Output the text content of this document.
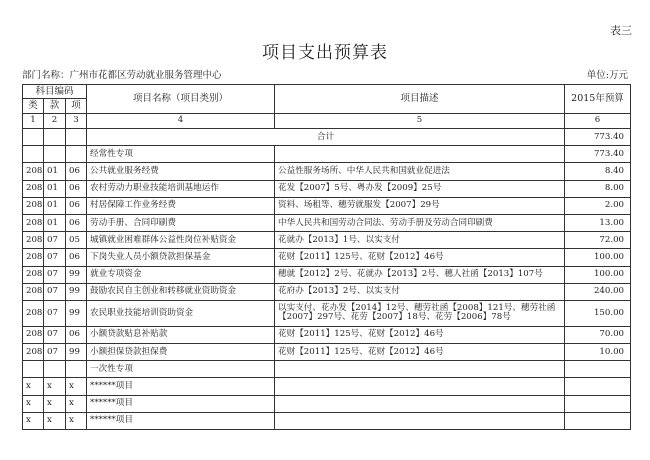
表三
项目支出预算表
部门名称：广州市花都区劳动就业服务管理中心	单位:万元
科目编码			项目名称（项目类别）	项目描述	2015年预算
类	款	项			
1	2	3	4	5	6
			合计		773.40
			经常性专项		773.40
208	01	06	公共就业服务经费	公益性服务场所、中华人民共和国就业促进法	8.40
208	01	06	农村劳动力职业技能培训基地运作	花发【2007】5号、粤办发【2009】25号	8.00
208	01	06	村居保障工作业务经费	资料、场租等、穗劳就服发【2007】29号	2.00
208	01	06	劳动手册、合同印刷费	中华人民共和国劳动合同法、劳动手册及劳动合同印刷费	13.00
208	07	05	城镇就业困难群体公益性岗位补贴资金	花就办【2013】1号、以实支付	72.00
208	07	06	下岗失业人员小额贷款担保基金	花财【2011】125号、花财【2012】46号	100.00
208	07	99	就业专项资金	穗就【2012】2号、花就办【2013】2号、穗人社函【2013】107号	100.00
208	07	99	鼓励农民自主创业和转移就业资助资金	花府办【2013】2号、以实支付	240.00
208	07	99	农民职业技能培训资助资金	以实支付、花办发【2014】12号、穗劳社函【2008】121号、穗劳社函【2007】297号、花劳【2007】18号、花劳【2006】78号	150.00
208	07	06	小额贷款贴息补贴款	花财【2011】125号、花财【2012】46号	70.00
208	07	99	小额担保贷款担保费	花财【2011】125号、花财【2012】46号	10.00
			一次性专项		
x	x	x	******项目		
x	x	x	******项目		
x	x	x	******项目		
